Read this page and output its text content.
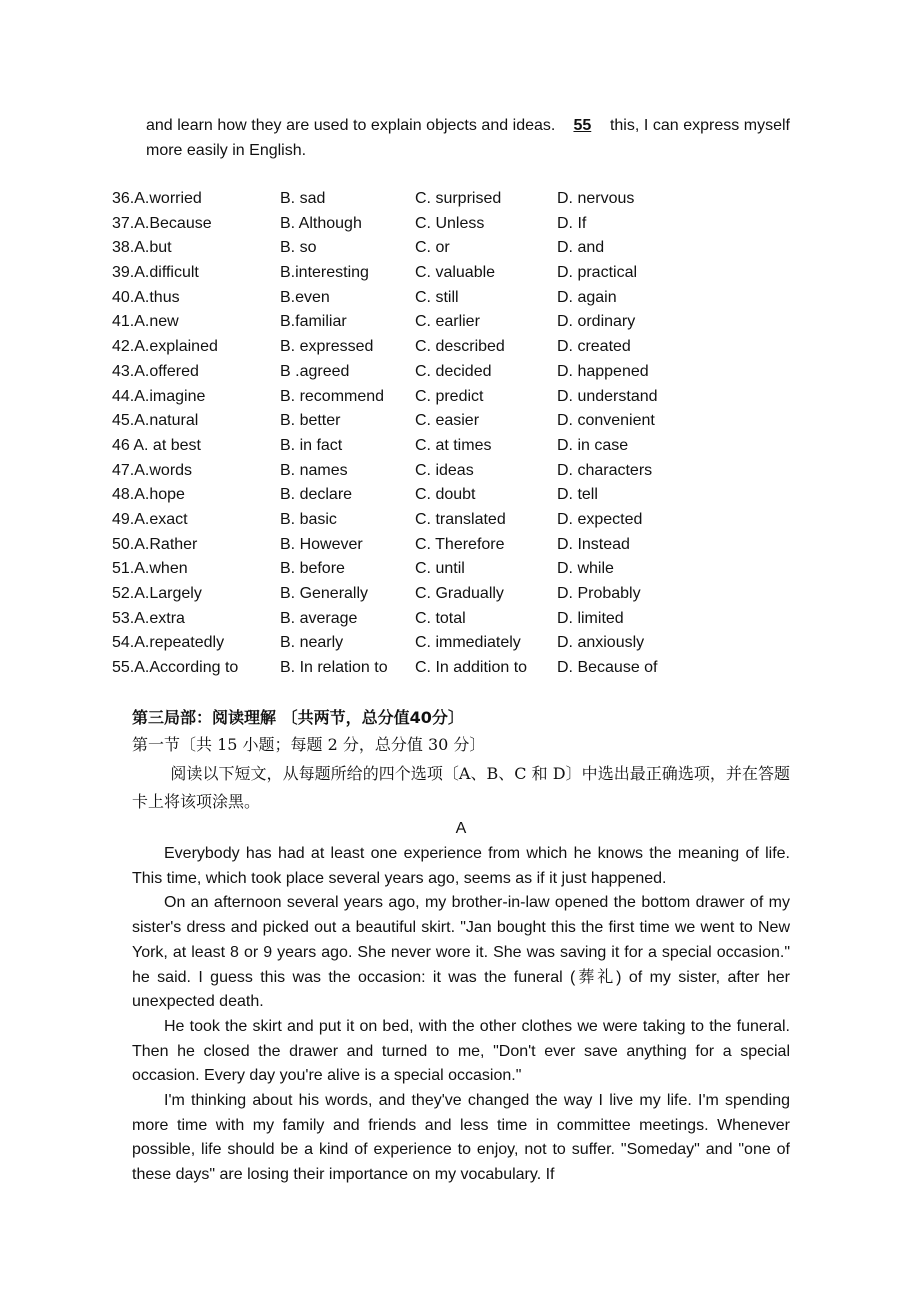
and learn how they are used to explain objects and ideas. 55 this, I can express myself more easily in English.
36.A.worried	B. sad	C. surprised	D. nervous
37.A.Because	B. Although	C. Unless	D. If
38.A.but	B. so	C. or	D. and
39.A.difficult	B.interesting	C. valuable	D. practical
40.A.thus	B.even	C. still	D. again
41.A.new	B.familiar	C. earlier	D. ordinary
42.A.explained	B. expressed	C. described	D. created
43.A.offered	B .agreed	C. decided	D. happened
44.A.imagine	B. recommend C. predict	D. understand
45.A.natural	B. better	C. easier	D. convenient
46 A. at best	B. in fact	C. at times	D. in case
47.A.words	B. names	C. ideas	D. characters
48.A.hope	B. declare	C. doubt	D. tell
49.A.exact	B. basic	C. translated	D. expected
50.A.Rather	B. However	C. Therefore	D. Instead
51.A.when	B. before	C. until	D. while
52.A.Largely	B. Generally	C. Gradually	D. Probably
53.A.extra	B. average	C. total	D. limited
54.A.repeatedly	B. nearly	C. immediately D. anxiously
55.A.According to	B. In relation to C. In addition to D. Because of
第三局部：阅读理解 〔共两节，总分值40分〕
第一节〔共 15 小题；每题 2 分，总分值 30 分〕
阅读以下短文，从每题所给的四个选项〔A、B、C 和 D〕中选出最正确选项，并在答题卡上将该项涂黑。
A

Everybody has had at least one experience from which he knows the meaning of life. This time, which took place several years ago, seems as if it just happened.

On an afternoon several years ago, my brother-in-law opened the bottom drawer of my sister's dress and picked out a beautiful skirt. "Jan bought this the first time we went to New York, at least 8 or 9 years ago. She never wore it. She was saving it for a special occasion." he said. I guess this was the occasion: it was the funeral (葬礼) of my sister, after her unexpected death.

He took the skirt and put it on bed, with the other clothes we were taking to the funeral. Then he closed the drawer and turned to me, "Don't ever save anything for a special occasion. Every day you're alive is a special occasion."

I'm thinking about his words, and they've changed the way I live my life. I'm spending more time with my family and friends and less time in committee meetings. Whenever possible, life should be a kind of experience to enjoy, not to suffer. "Someday" and "one of these days" are losing their importance on my vocabulary. If
